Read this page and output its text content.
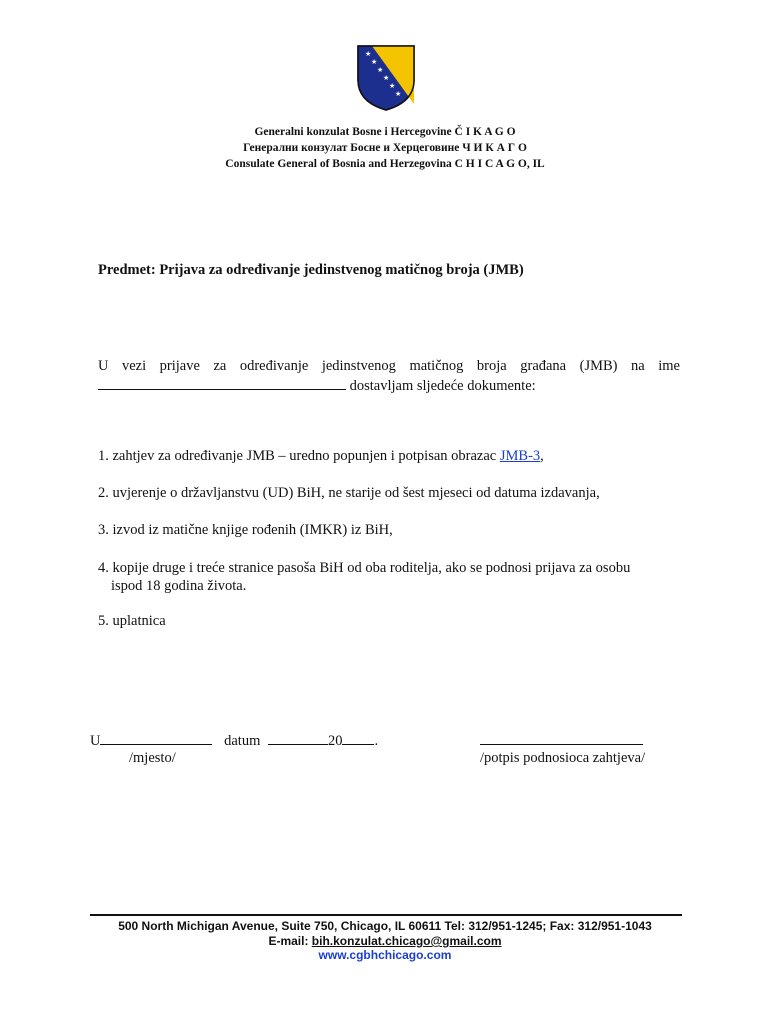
★
★
★
★
★
★
Generalni konzulat Bosne i Hercegovine Č I K A G O
Генерални конзулат Босне и Херцеговине Ч И К А Г О
Consulate General of Bosnia and Herzegovina C H I C A G O, IL
Predmet: Prijava za određivanje jedinstvenog matičnog broja (JMB)
U vezi prijave za određivanje jedinstvenog matičnog broja građana (JMB) na ime
dostavljam sljedeće dokumente:
1. zahtjev za određivanje JMB – uredno popunjen i potpisan obrazac JMB-3,
2. uvjerenje o državljanstvu (UD) BiH, ne starije od šest mjeseci od datuma izdavanja,
3. izvod iz matične knjige rođenih (IMKR) iz BiH,
4. kopije druge i treće stranice pasoša BiH od oba roditelja, ako se podnosi prijava za osobu
ispod 18 godina života.
5. uplatnica
U	datum	20 .
/mjesto/	/potpis podnosioca zahtjeva/
500 North Michigan Avenue, Suite 750, Chicago, IL 60611 Tel: 312/951-1245; Fax: 312/951-1043
E-mail: bih.konzulat.chicago@gmail.com
www.cgbhchicago.com
